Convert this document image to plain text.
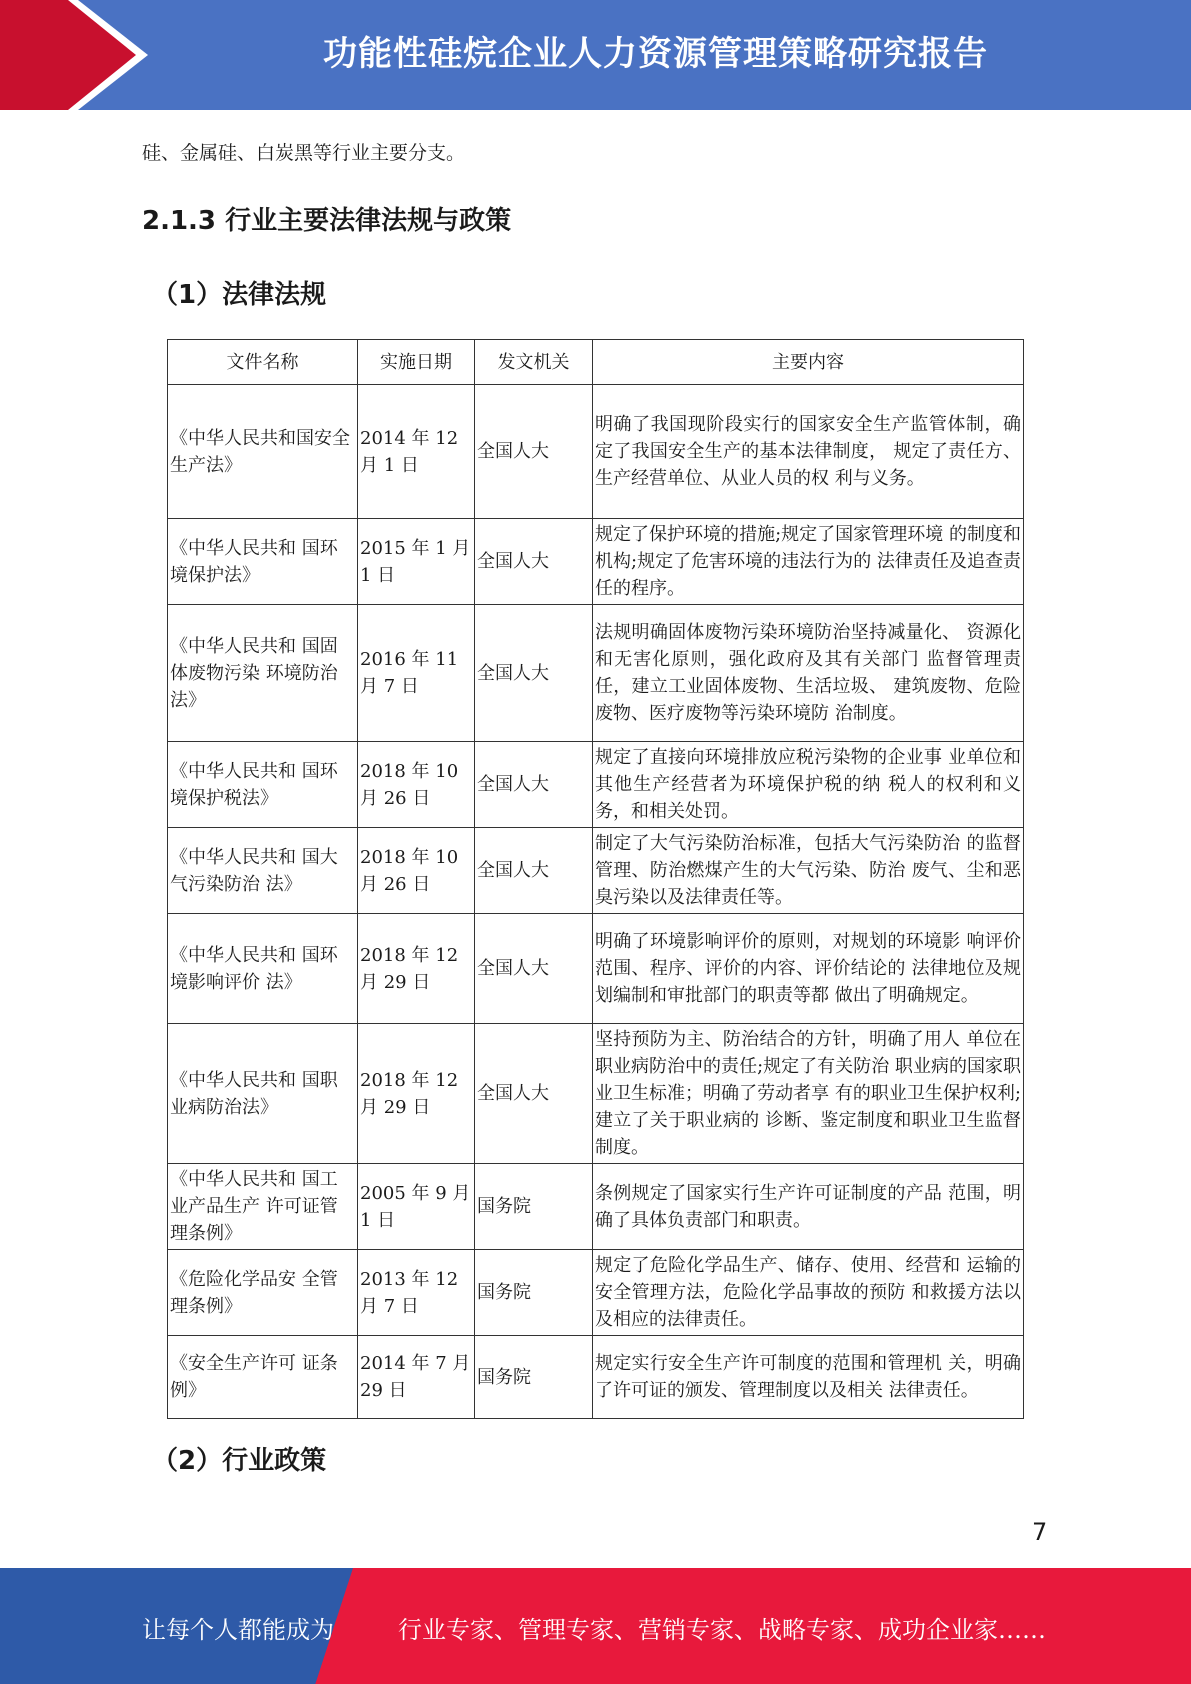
功能性硅烷企业人力资源管理策略研究报告
硅、金属硅、白炭黑等行业主要分支。
2.1.3 行业主要法律法规与政策
（1）法律法规
文件名称	实施日期	发文机关	主要内容
《中华人民共和国安全生产法》	2014 年 12 月 1 日	全国人大	明确了我国现阶段实行的国家安全生产监管体制，确定了我国安全生产的基本法律制度， 规定了责任方、生产经营单位、从业人员的权 利与义务。
《中华人民共和 国环境保护法》	2015 年 1 月 1 日	全国人大	规定了保护环境的措施;规定了国家管理环境 的制度和机构;规定了危害环境的违法行为的 法律责任及追查责任的程序。
《中华人民共和 国固体废物污染 环境防治法》	2016 年 11 月 7 日	全国人大	法规明确固体废物污染环境防治坚持减量化、 资源化和无害化原则，强化政府及其有关部门 监督管理责任，建立工业固体废物、生活垃圾、 建筑废物、危险废物、医疗废物等污染环境防 治制度。
《中华人民共和 国环境保护税法》	2018 年 10 月 26 日	全国人大	规定了直接向环境排放应税污染物的企业事 业单位和其他生产经营者为环境保护税的纳 税人的权利和义务，和相关处罚。
《中华人民共和 国大气污染防治 法》	2018 年 10 月 26 日	全国人大	制定了大气污染防治标准，包括大气污染防治 的监督管理、防治燃煤产生的大气污染、防治 废气、尘和恶臭污染以及法律责任等。
《中华人民共和 国环境影响评价 法》	2018 年 12 月 29 日	全国人大	明确了环境影响评价的原则，对规划的环境影 响评价范围、程序、评价的内容、评价结论的 法律地位及规划编制和审批部门的职责等都 做出了明确规定。
《中华人民共和 国职业病防治法》	2018 年 12 月 29 日	全国人大	坚持预防为主、防治结合的方针，明确了用人 单位在职业病防治中的责任;规定了有关防治 职业病的国家职业卫生标准；明确了劳动者享 有的职业卫生保护权利;建立了关于职业病的 诊断、鉴定制度和职业卫生监督制度。
《中华人民共和 国工业产品生产 许可证管理条例》	2005 年 9 月 1 日	国务院	条例规定了国家实行生产许可证制度的产品 范围，明确了具体负责部门和职责。
《危险化学品安 全管理条例》	2013 年 12 月 7 日	国务院	规定了危险化学品生产、储存、使用、经营和 运输的安全管理方法，危险化学品事故的预防 和救援方法以及相应的法律责任。
《安全生产许可 证条例》	2014 年 7 月 29 日	国务院	规定实行安全生产许可制度的范围和管理机 关，明确了许可证的颁发、管理制度以及相关 法律责任。
（2）行业政策
7
让每个人都能成为	行业专家、管理专家、营销专家、战略专家、成功企业家……
